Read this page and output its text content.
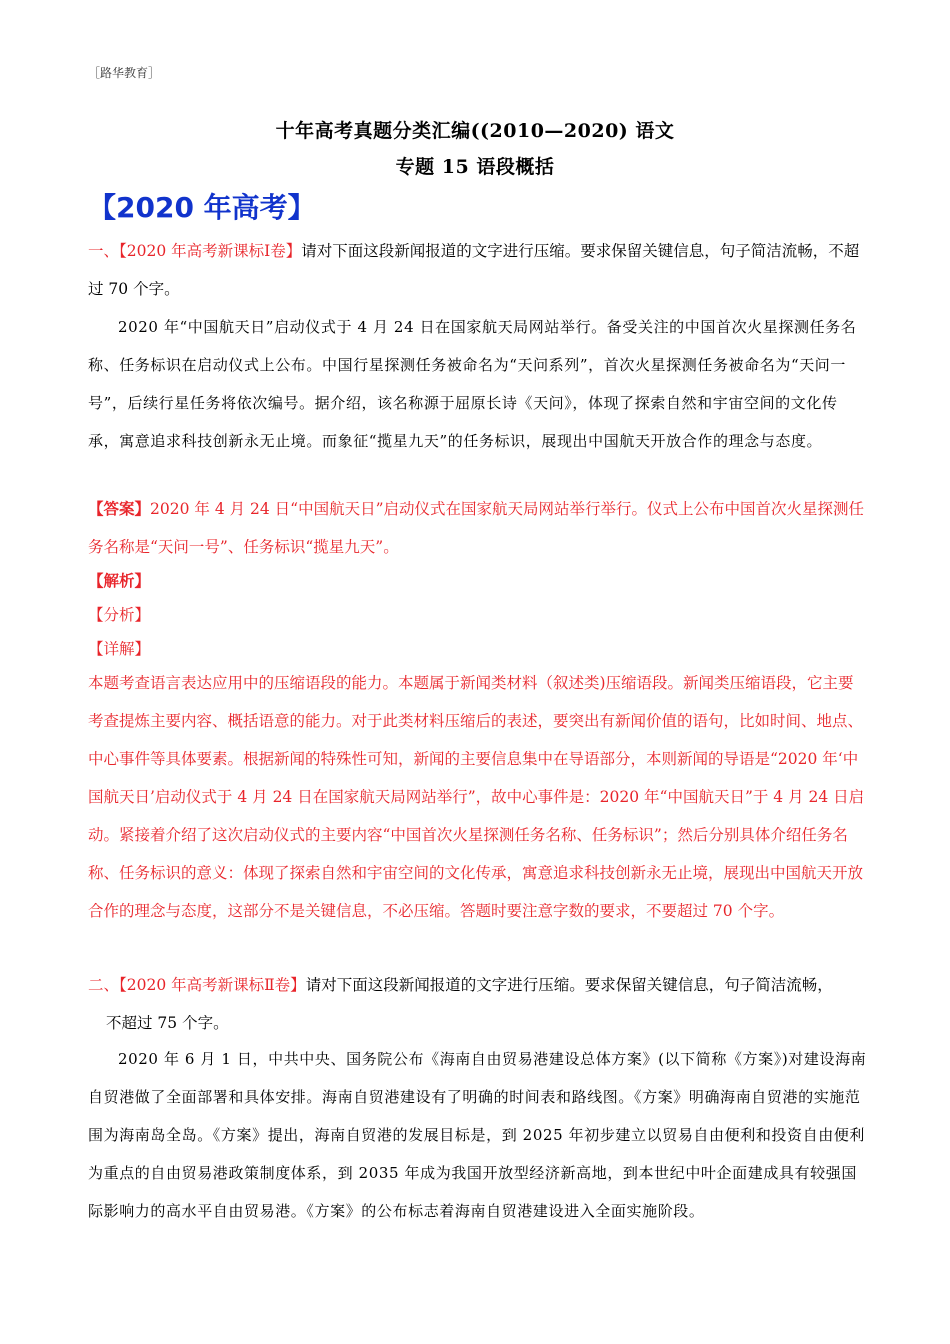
［路华教育］
十年高考真题分类汇编((2010—2020) 语文
专题 15 语段概括
【2020 年高考】

一、【2020 年高考新课标Ⅰ卷】请对下面这段新闻报道的文字进行压缩。要求保留关键信息，句子简洁流畅，不超过 70 个字。

2020 年“中国航天日”启动仪式于 4 月 24 日在国家航天局网站举行。备受关注的中国首次火星探测任务名称、任务标识在启动仪式上公布。中国行星探测任务被命名为“天问系列”，首次火星探测任务被命名为“天问一号”，后续行星任务将依次编号。据介绍，该名称源于屈原长诗《天问》，体现了探索自然和宇宙空间的文化传承，寓意追求科技创新永无止境。而象征“揽星九天”的任务标识，展现出中国航天开放合作的理念与态度。

【答案】2020 年 4 月 24 日“中国航天日”启动仪式在国家航天局网站举行举行。仪式上公布中国首次火星探测任务名称是“天问一号”、任务标识“揽星九天”。

【解析】
【分析】
【详解】
本题考查语言表达应用中的压缩语段的能力。本题属于新闻类材料（叙述类)压缩语段。新闻类压缩语段，它主要考查提炼主要内容、概括语意的能力。对于此类材料压缩后的表述，要突出有新闻价值的语句，比如时间、地点、中心事件等具体要素。根据新闻的特殊性可知，新闻的主要信息集中在导语部分，本则新闻的导语是“2020 年‘中国航天日’启动仪式于 4 月 24 日在国家航天局网站举行”，故中心事件是：2020 年“中国航天日”于 4 月 24 日启动。紧接着介绍了这次启动仪式的主要内容“中国首次火星探测任务名称、任务标识”；然后分别具体介绍任务名称、任务标识的意义：体现了探索自然和宇宙空间的文化传承，寓意追求科技创新永无止境，展现出中国航天开放合作的理念与态度，这部分不是关键信息，不必压缩。答题时要注意字数的要求，不要超过 70 个字。

二、【2020 年高考新课标Ⅱ卷】请对下面这段新闻报道的文字进行压缩。要求保留关键信息，句子简洁流畅，

不超过 75 个字。

2020 年 6 月 1 日，中共中央、国务院公布《海南自由贸易港建设总体方案》(以下简称《方案》)对建设海南自贸港做了全面部署和具体安排。海南自贸港建设有了明确的时间表和路线图。《方案》明确海南自贸港的实施范围为海南岛全岛。《方案》提出，海南自贸港的发展目标是，到 2025 年初步建立以贸易自由便利和投资自由便利为重点的自由贸易港政策制度体系，到 2035 年成为我国开放型经济新高地，到本世纪中叶企面建成具有较强国际影响力的高水平自由贸易港。《方案》的公布标志着海南自贸港建设进入全面实施阶段。
